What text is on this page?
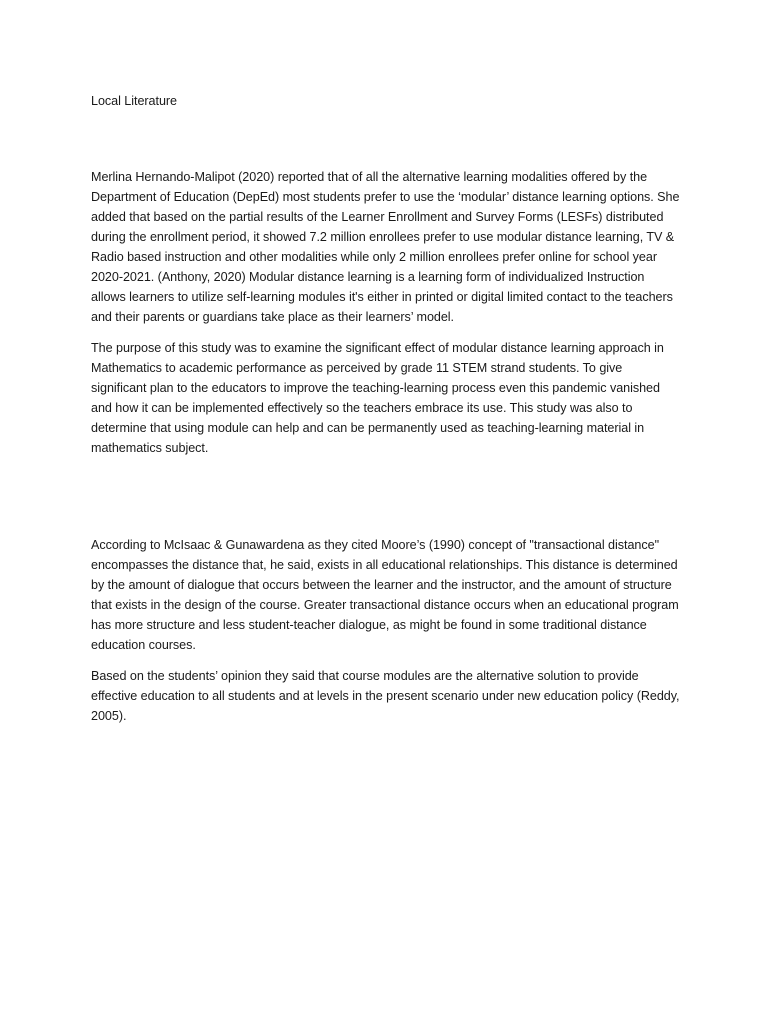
Local Literature

Merlina Hernando-Malipot (2020) reported that of all the alternative learning modalities offered by the Department of Education (DepEd) most students prefer to use the ‘modular’ distance learning options. She added that based on the partial results of the Learner Enrollment and Survey Forms (LESFs) distributed during the enrollment period, it showed 7.2 million enrollees prefer to use modular distance learning, TV & Radio based instruction and other modalities while only 2 million enrollees prefer online for school year 2020-2021. (Anthony, 2020) Modular distance learning is a learning form of individualized Instruction allows learners to utilize self-learning modules it's either in printed or digital limited contact to the teachers and their parents or guardians take place as their learners’ model.

The purpose of this study was to examine the significant effect of modular distance learning approach in Mathematics to academic performance as perceived by grade 11 STEM strand students. To give significant plan to the educators to improve the teaching-learning process even this pandemic vanished and how it can be implemented effectively so the teachers embrace its use. This study was also to determine that using module can help and can be permanently used as teaching-learning material in mathematics subject.

According to McIsaac & Gunawardena as they cited Moore’s (1990) concept of "transactional distance" encompasses the distance that, he said, exists in all educational relationships. This distance is determined by the amount of dialogue that occurs between the learner and the instructor, and the amount of structure that exists in the design of the course. Greater transactional distance occurs when an educational program has more structure and less student-teacher dialogue, as might be found in some traditional distance education courses.

Based on the students’ opinion they said that course modules are the alternative solution to provide effective education to all students and at levels in the present scenario under new education policy (Reddy, 2005).
